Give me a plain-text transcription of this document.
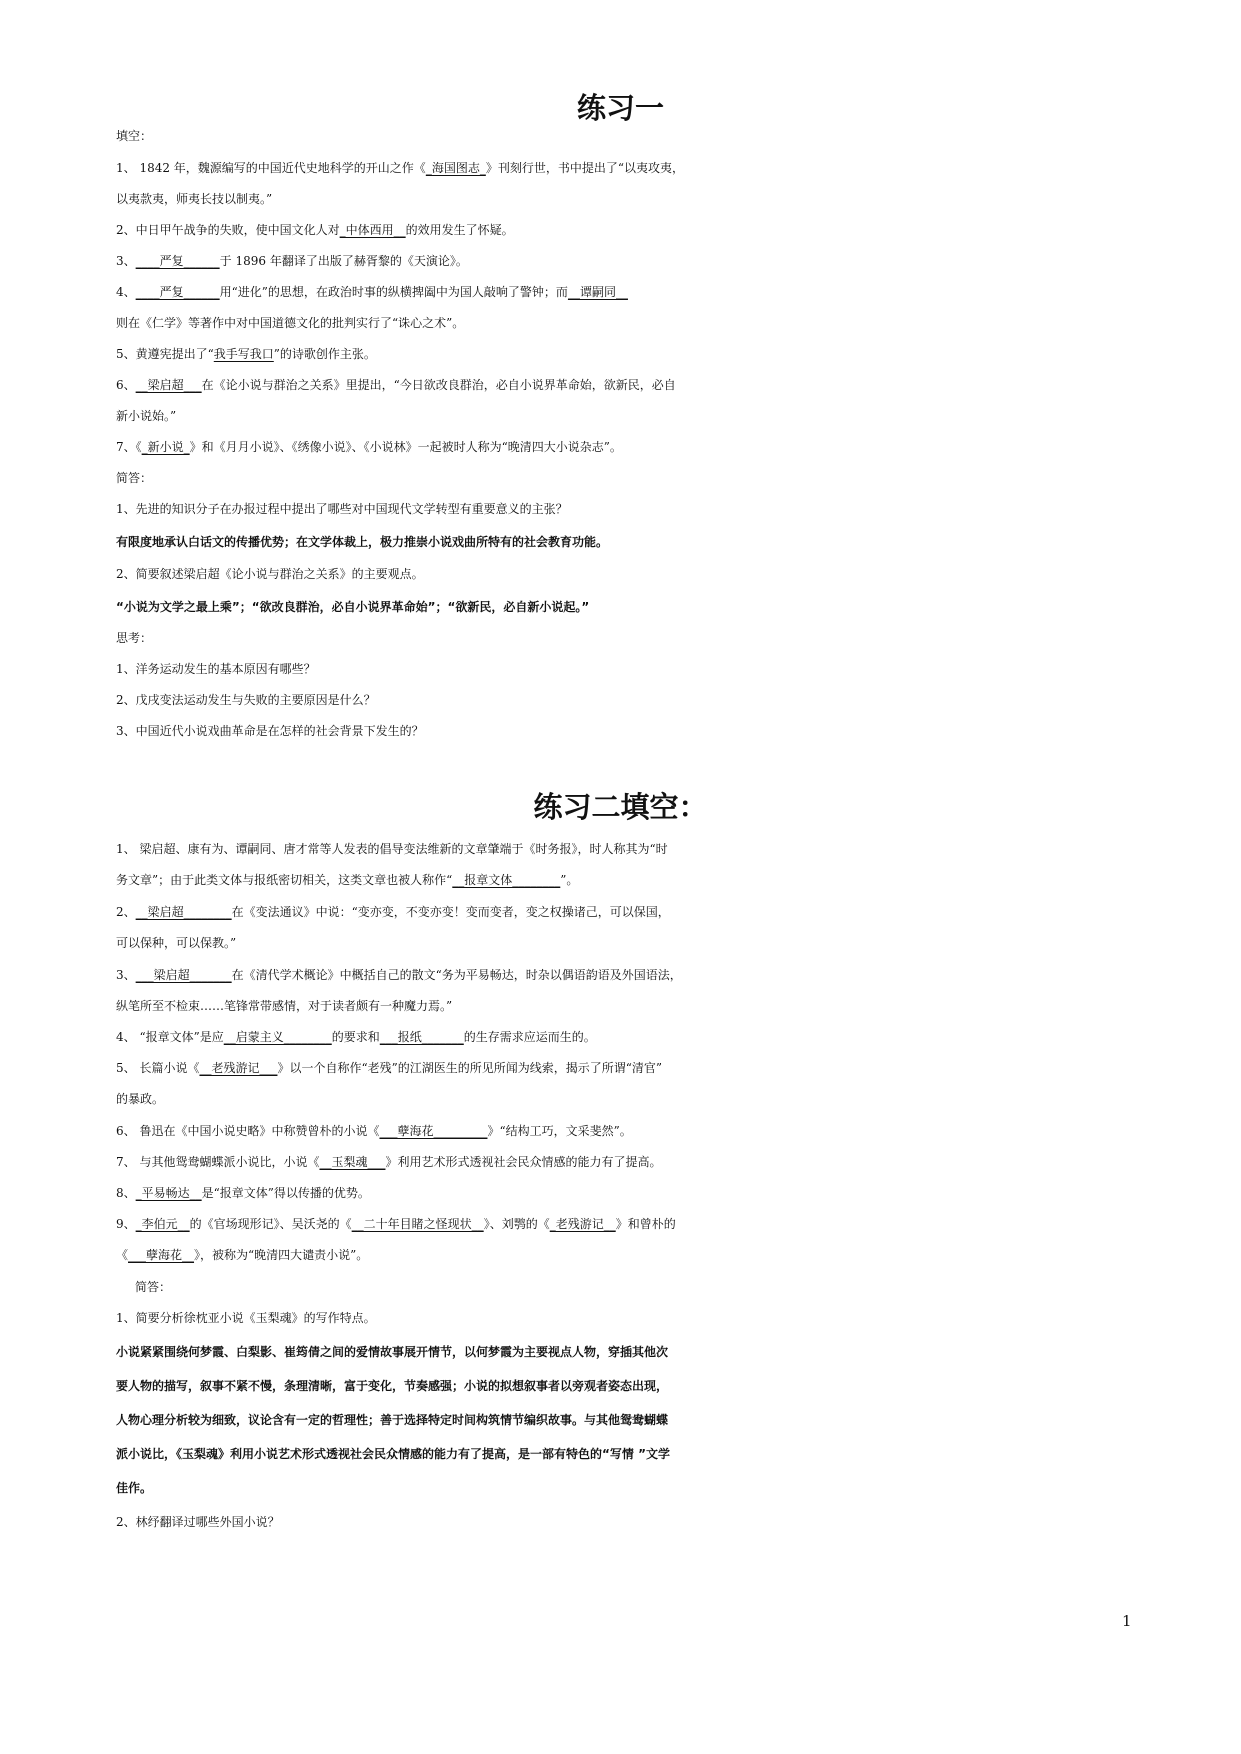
练习一
填空：
1、 1842 年，魏源编写的中国近代史地科学的开山之作《_海国图志_》刊刻行世，书中提出了“以夷攻夷，
以夷款夷，师夷长技以制夷。”
2、中日甲午战争的失败，使中国文化人对_中体西用__的效用发生了怀疑。
3、____严复______于 1896 年翻译了出版了赫胥黎的《天演论》。
4、____严复______用“进化”的思想，在政治时事的纵横捭阖中为国人敲响了警钟；而__谭嗣同__
则在《仁学》等著作中对中国道德文化的批判实行了“诛心之术”。
5、黄遵宪提出了“我手写我口”的诗歌创作主张。
6、__梁启超___在《论小说与群治之关系》里提出，“今日欲改良群治，必自小说界革命始，欲新民，必自
新小说始。”
7、《_新小说_》和《月月小说》、《绣像小说》、《小说林》一起被时人称为“晚清四大小说杂志”。
简答：
1、先进的知识分子在办报过程中提出了哪些对中国现代文学转型有重要意义的主张？
有限度地承认白话文的传播优势；在文学体裁上，极力推崇小说戏曲所特有的社会教育功能。
2、简要叙述梁启超《论小说与群治之关系》的主要观点。
“小说为文学之最上乘”；“欲改良群治，必自小说界革命始”；“欲新民，必自新小说起。”
思考：
1、洋务运动发生的基本原因有哪些？
2、戊戌变法运动发生与失败的主要原因是什么？
3、中国近代小说戏曲革命是在怎样的社会背景下发生的？
练习二填空：
1、 梁启超、康有为、谭嗣同、唐才常等人发表的倡导变法维新的文章肇端于《时务报》，时人称其为“时
务文章”；由于此类文体与报纸密切相关，这类文章也被人称作“__报章文体________”。
2、__梁启超________在《变法通议》中说：“变亦变，不变亦变！变而变者，变之权操诸己，可以保国，
可以保种，可以保教。”
3、___梁启超_______在《清代学术概论》中概括自己的散文“务为平易畅达，时杂以偶语韵语及外国语法，
纵笔所至不检束……笔锋常带感情，对于读者颇有一种魔力焉。”
4、 “报章文体”是应__启蒙主义________的要求和___报纸_______的生存需求应运而生的。
5、 长篇小说《__老残游记___》以一个自称作“老残”的江湖医生的所见所闻为线索，揭示了所谓“清官”
的暴政。
6、 鲁迅在《中国小说史略》中称赞曾朴的小说《___孽海花_________》“结构工巧，文采斐然”。
7、 与其他鸳鸯蝴蝶派小说比，小说《__玉梨魂___》利用艺术形式透视社会民众情感的能力有了提高。
8、_平易畅达__是“报章文体”得以传播的优势。
9、_李伯元__的《官场现形记》、吴沃尧的《__二十年目睹之怪现状__》、刘鹗的《_老残游记__》和曾朴的
《___孽海花__》，被称为“晚清四大谴责小说”。
简答：
1、简要分析徐枕亚小说《玉梨魂》的写作特点。
小说紧紧围绕何梦霞、白梨影、崔筠倩之间的爱情故事展开情节，以何梦霞为主要视点人物，穿插其他次
要人物的描写，叙事不紧不慢，条理清晰，富于变化，节奏感强；小说的拟想叙事者以旁观者姿态出现，
人物心理分析较为细致，议论含有一定的哲理性；善于选择特定时间构筑情节编织故事。与其他鸳鸯蝴蝶
派小说比，《玉梨魂》利用小说艺术形式透视社会民众情感的能力有了提高，是一部有特色的“写情 ”文学
佳作。
2、林纾翻译过哪些外国小说？
1
